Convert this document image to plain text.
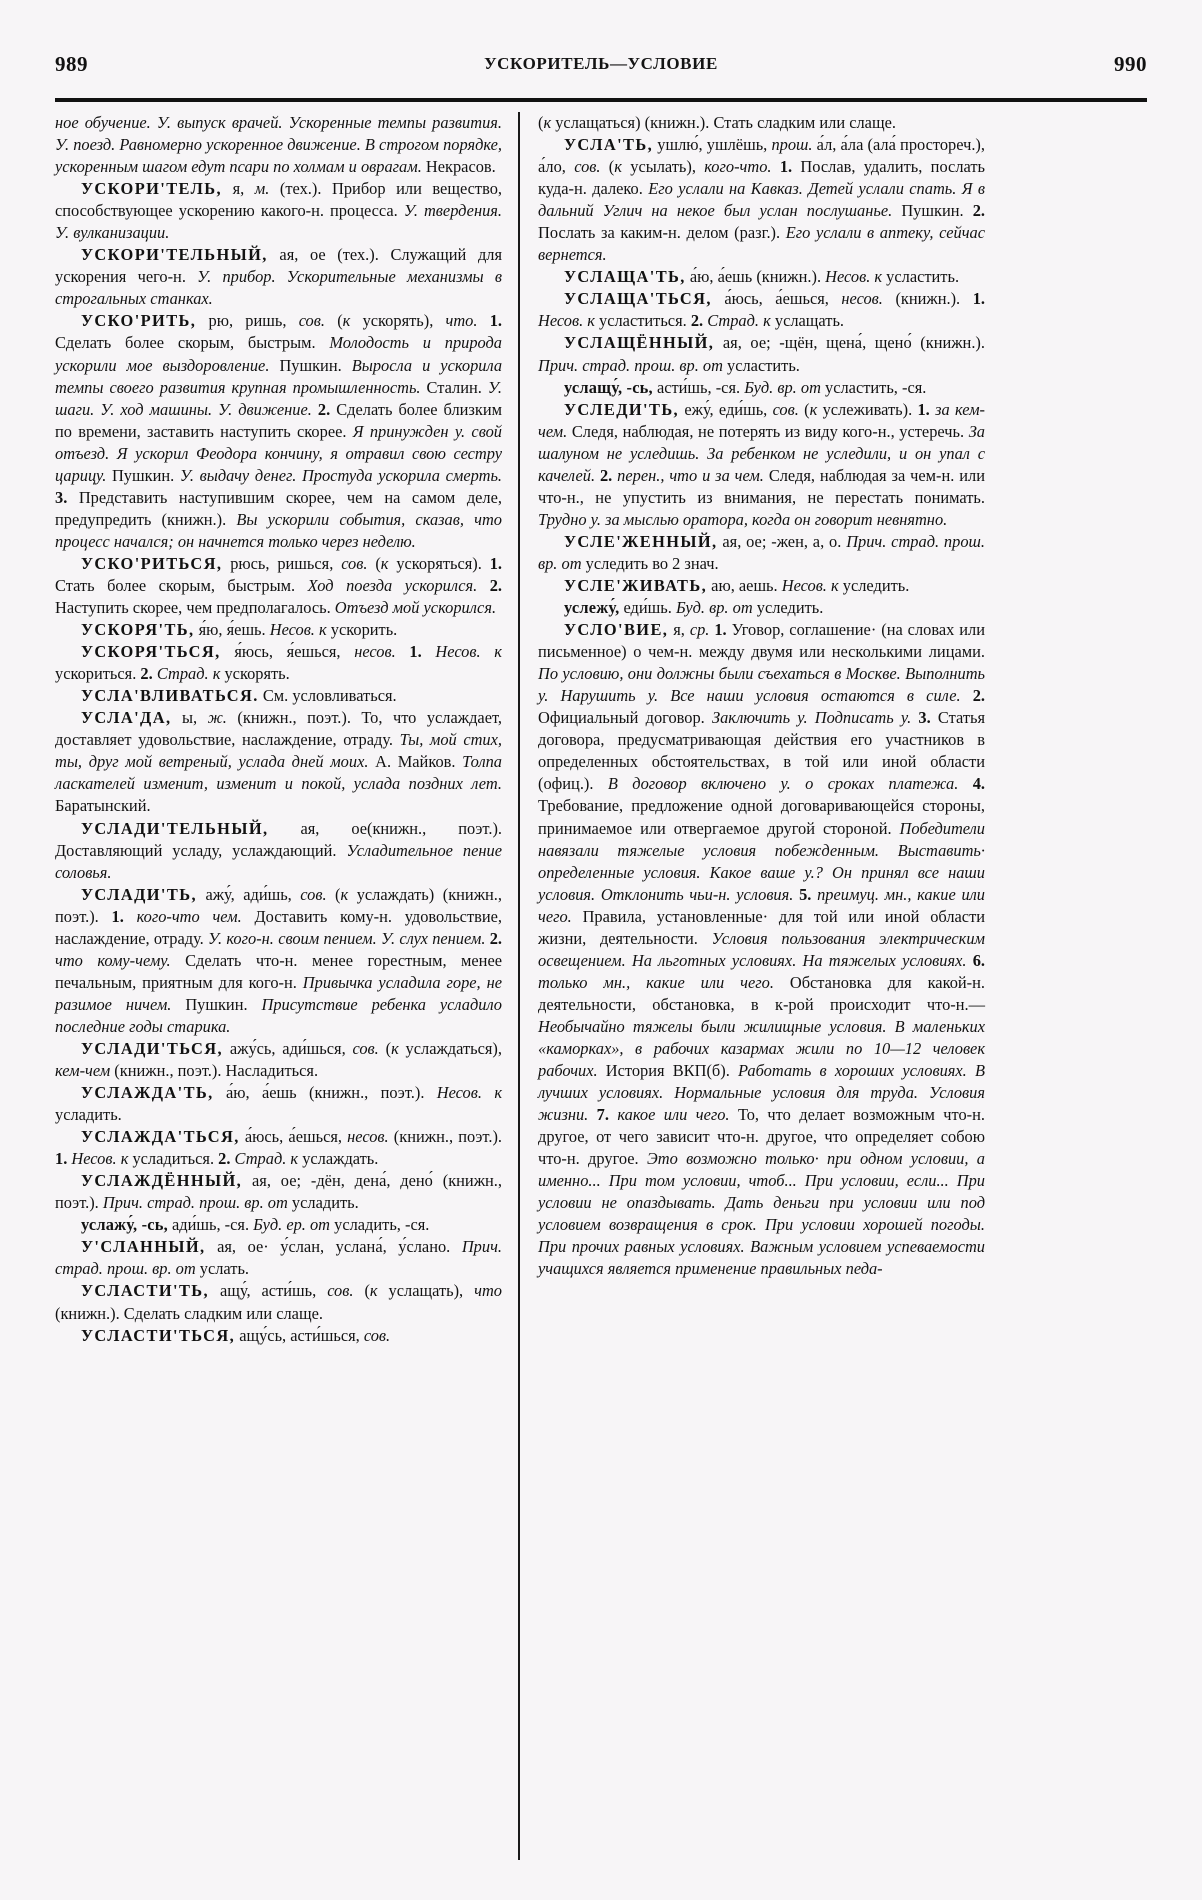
989	УСКОРИТЕЛЬ—УСЛОВИЕ	990

ное обучение. У. выпуск врачей. Ускоренные темпы развития. У. поезд. Равномерно ускоренное движение. В строгом порядке, ускоренным шагом едут псари по холмам и оврагам. Некрасов.

УСКОРИ'ТЕЛЬ, я, м. (тех.). Прибор или вещество, способствующее ускорению какого-н. процесса. У. твердения. У. вулканизации.

УСКОРИ'ТЕЛЬНЫЙ, ая, ое (тех.). Служащий для ускорения чего-н. У. прибор. Ускорительные механизмы в строгальных станках.

УСКО'РИТЬ, рю, ришь, сов. (к ускорять), что. 1. Сделать более скорым, быстрым. Молодость и природа ускорили мое выздоровление. Пушкин. Выросла и ускорила темпы своего развития крупная промышленность. Сталин. У. шаги. У. ход машины. У. движение. 2. Сделать более близким по времени, заставить наступить скорее. Я принужден у. свой отъезд. Я ускорил Феодора кончину, я отравил свою сестру царицу. Пушкин. У. выдачу денег. Простуда ускорила смерть. 3. Представить наступившим скорее, чем на самом деле, предупредить (книжн.). Вы ускорили события, сказав, что процесс начался; он начнется только через неделю.

УСКО'РИТЬСЯ, рюсь, ришься, сов. (к ускоряться). 1. Стать более скорым, быстрым. Ход поезда ускорился. 2. Наступить скорее, чем предполагалось. Отъезд мой ускорился.

УСКОРЯ'ТЬ, я́ю, я́ешь. Несов. к ускорить.

УСКОРЯ'ТЬСЯ, я́юсь, я́ешься, несов. 1. Несов. к ускориться. 2. Страд. к ускорять.

УСЛА'ВЛИВАТЬСЯ. См. условливаться.

УСЛА'ДА, ы, ж. (книжн., поэт.). То, что услаждает, доставляет удовольствие, наслаждение, отраду. Ты, мой стих, ты, друг мой ветреный, услада дней моих. А. Майков. Толпа ласкателей изменит, изменит и покой, услада поздних лет. Баратынский.

УСЛАДИ'ТЕЛЬНЫЙ, ая, ое(книжн., поэт.). Доставляющий усладу, услаждающий. Усладительное пение соловья.

УСЛАДИ'ТЬ, ажу́, ади́шь, сов. (к услаждать) (книжн., поэт.). 1. кого-что чем. Доставить кому-н. удовольствие, наслаждение, отраду. У. кого-н. своим пением. У. слух пением. 2. что кому-чему. Сделать что-н. менее горестным, менее печальным, приятным для кого-н. Привычка усладила горе, не разимое ничем. Пушкин. Присутствие ребенка усладило последние годы старика.

УСЛАДИ'ТЬСЯ, ажу́сь, ади́шься, сов. (к услаждаться), кем-чем (книжн., поэт.). Насладиться.

УСЛАЖДА'ТЬ, а́ю, а́ешь (книжн., поэт.). Несов. к усладить.

УСЛАЖДА'ТЬСЯ, а́юсь, а́ешься, несов. (книжн., поэт.). 1. Несов. к усладиться. 2. Страд. к услаждать.

УСЛАЖДЁННЫЙ, ая, ое; -дён, дена́, дено́ (книжн., поэт.). Прич. страд. прош. вр. от усладить.

услажу́, -сь, ади́шь, -ся. Буд. ер. от усладить, -ся.

У'СЛАННЫЙ, ая, ое· у́слан, услана́, у́слано. Прич. страд. прош. вр. от услать.

УСЛАСТИ'ТЬ, ащу́, асти́шь, сов. (к услащать), что (книжн.). Сделать сладким или слаще.

УСЛАСТИ'ТЬСЯ, ащу́сь, асти́шься, сов.

(к услащаться) (книжн.). Стать сладким или слаще.

УСЛА'ТЬ, ушлю́, ушлёшь, прош. а́л, а́ла (ала́ простореч.), а́ло, сов. (к усылать), кого-что. 1. Послав, удалить, послать куда-н. далеко. Его услали на Кавказ. Детей услали спать. Я в дальний Углич на некое был услан послушанье. Пушкин. 2. Послать за каким-н. делом (разг.). Его услали в аптеку, сейчас вернется.

УСЛАЩА'ТЬ, а́ю, а́ешь (книжн.). Несов. к усластить.

УСЛАЩА'ТЬСЯ, а́юсь, а́ешься, несов. (книжн.). 1. Несов. к усластиться. 2. Страд. к услащать.

УСЛАЩЁННЫЙ, ая, ое; -щён, щена́, щено́ (книжн.). Прич. страд. прош. вр. от усластить.

услащу́, -сь, асти́шь, -ся. Буд. вр. от усластить, -ся.

УСЛЕДИ'ТЬ, ежу́, еди́шь, сов. (к услеживать). 1. за кем-чем. Следя, наблюдая, не потерять из виду кого-н., устеречь. За шалуном не уследишь. За ребенком не уследили, и он упал с качелей. 2. перен., что и за чем. Следя, наблюдая за чем-н. или что-н., не упустить из внимания, не перестать понимать. Трудно у. за мыслью оратора, когда он говорит невнятно.

УСЛЕ'ЖЕННЫЙ, ая, ое; -жен, а, о. Прич. страд. прош. вр. от уследить во 2 знач.

УСЛЕ'ЖИВАТЬ, аю, аешь. Несов. к уследить.

услежу́, еди́шь. Буд. вр. от уследить.

УСЛО'ВИЕ, я, ср. 1. Уговор, соглашение· (на словах или письменное) о чем-н. между двумя или несколькими лицами. По условию, они должны были съехаться в Москве. Выполнить у. Нарушить у. Все наши условия остаются в силе. 2. Официальный договор. Заключить у. Подписать у. 3. Статья договора, предусматривающая действия его участников в определенных обстоятельствах, в той или иной области (офиц.). В договор включено у. о сроках платежа. 4. Требование, предложение одной договаривающейся стороны, принимаемое или отвергаемое другой стороной. Победители навязали тяжелые условия побежденным. Выставить· определенные условия. Какое ваше у.? Он принял все наши условия. Отклонить чьи-н. условия. 5. преимуц. мн., какие или чего. Правила, установленные· для той или иной области жизни, деятельности. Условия пользования электрическим освещением. На льготных условиях. На тяжелых условиях. 6. только мн., какие или чего. Обстановка для какой-н. деятельности, обстановка, в к-рой происходит что-н.—Необычайно тяжелы были жилищные условия. В маленьких «каморках», в рабочих казармах жили по 10—12 человек рабочих. История ВКП(б). Работать в хороших условиях. В лучших условиях. Нормальные условия для труда. Условия жизни. 7. какое или чего. То, что делает возможным что-н. другое, от чего зависит что-н. другое, что определяет собою что-н. другое. Это возможно только· при одном условии, а именно... При том условии, чтоб... При условии, если... При условии не опаздывать. Дать деньги при условии или под условием возвращения в срок. При условии хорошей погоды. При прочих равных условиях. Важным условием успеваемости учащихся является применение правильных педа-
